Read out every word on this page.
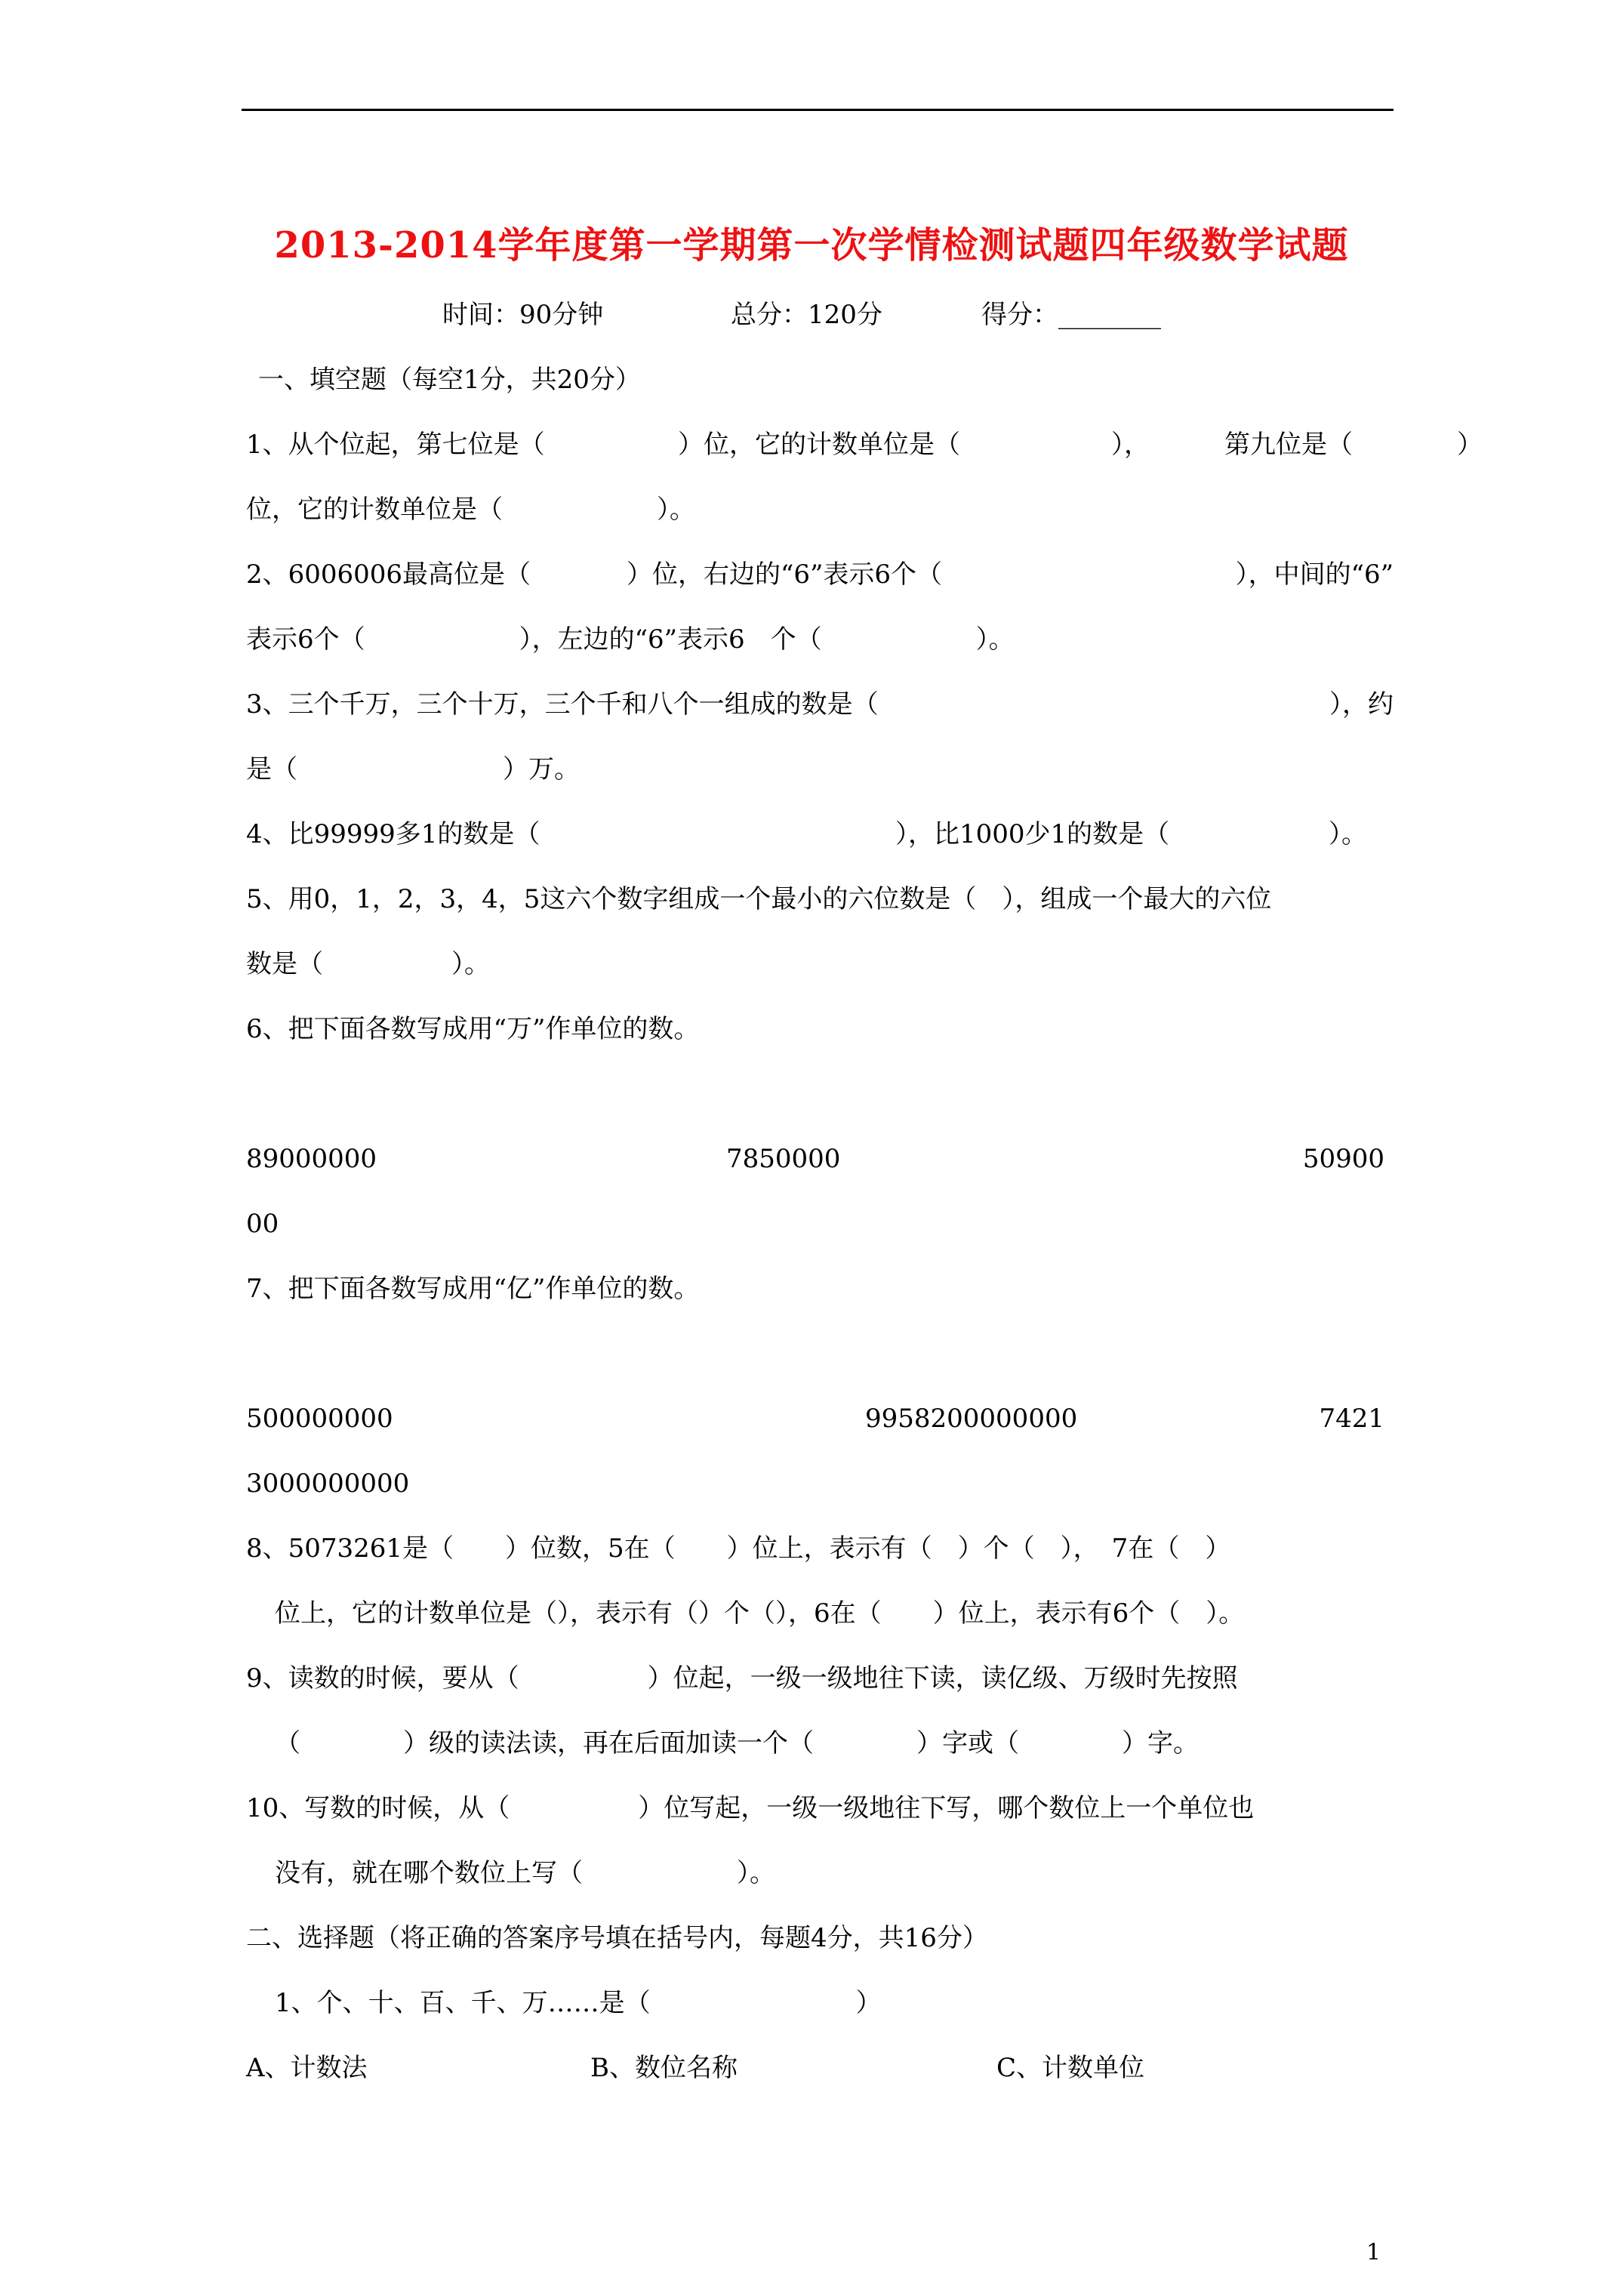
2013-2014学年度第一学期第一次学情检测试题四年级数学试题
时间：90分钟	总分：120分	得分：________
一、填空题（每空1分，共20分）
1、从个位起，第七位是（	）位，它的计数单位是（	），	第九位是（	）
位，它的计数单位是（　　　　　　）。
2、6006006最高位是（	）位，右边的“6”表示6个（	），中间的“6”
表示6个（　　　　　　），左边的“6”表示6　个（　　　　　　）。
3、三个千万，三个十万，三个千和八个一组成的数是（	），约
是（　　　　　　　　）万。
4、比99999多1的数是（	），比1000少1的数是（	）。
5、用0，1，2，3，4，5这六个数字组成一个最小的六位数是（　），组成一个最大的六位
数是（　　　　　）。
6、把下面各数写成用“万”作单位的数。
89000000	7850000	50900
00
7、把下面各数写成用“亿”作单位的数。
500000000	9958200000000	7421
3000000000
8、5073261是（　　）位数，5在（　　）位上，表示有（　）个（　），　7在（　）
位上，它的计数单位是（），表示有（）个（），6在（　　）位上，表示有6个（　）。
9、读数的时候，要从（　　　　　）位起，一级一级地往下读，读亿级、万级时先按照
（　　　　）级的读法读，再在后面加读一个（　　　　）字或（　　　　）字。
10、写数的时候，从（　　　　　）位写起，一级一级地往下写，哪个数位上一个单位也
没有，就在哪个数位上写（　　　　　　）。
二、选择题（将正确的答案序号填在括号内，每题4分，共16分）
1、个、十、百、千、万……是（　　　　　　　　）
A、计数法	B、数位名称	C、计数单位
1
